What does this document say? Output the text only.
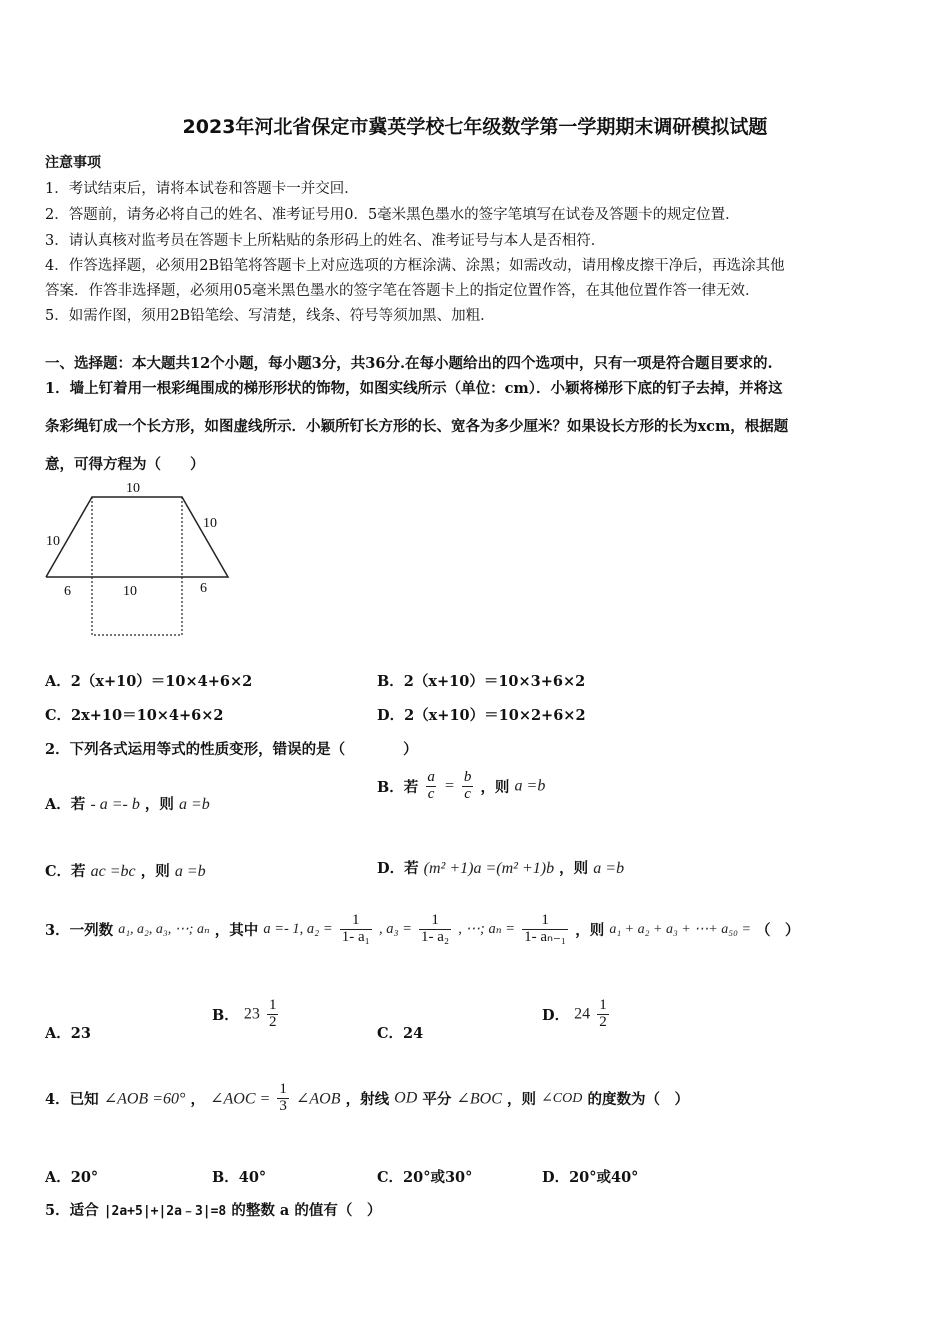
2023年河北省保定市冀英学校七年级数学第一学期期末调研模拟试题
注意事项
1．考试结束后，请将本试卷和答题卡一并交回．
2．答题前，请务必将自己的姓名、准考证号用0．5毫米黑色墨水的签字笔填写在试卷及答题卡的规定位置．
3．请认真核对监考员在答题卡上所粘贴的条形码上的姓名、准考证号与本人是否相符．
4．作答选择题，必须用2B铅笔将答题卡上对应选项的方框涂满、涂黑；如需改动，请用橡皮擦干净后，再选涂其他
答案．作答非选择题，必须用05毫米黑色墨水的签字笔在答题卡上的指定位置作答，在其他位置作答一律无效．
5．如需作图，须用2B铅笔绘、写清楚，线条、符号等须加黑、加粗．
一、选择题：本大题共12个小题，每小题3分，共36分.在每小题给出的四个选项中，只有一项是符合题目要求的.
1．墙上钉着用一根彩绳围成的梯形形状的饰物，如图实线所示（单位：cm）．小颖将梯形下底的钉子去掉，并将这
条彩绳钉成一个长方形，如图虚线所示．小颖所钉长方形的长、宽各为多少厘米？如果设长方形的长为xcm，根据题
意，可得方程为（　　）
10
10
10
6	10	6
A．2（x+10）＝10×4+6×2	B．2（x+10）＝10×3+6×2
C．2x+10＝10×4+6×2	D．2（x+10）＝10×2+6×2
2．下列各式运用等式的性质变形，错误的是（　　　　）
A．若 - a =- b ，则 a =b
B．若 $\frac{a}{c} = \frac{b}{c}$ ，则 a =b
C．若 ac =bc ，则 a =b	D．若 (m² +1)a =(m² +1)b ，则 a =b
3．一列数 a₁, a₂, a₃, ⋯; aₙ ，其中 a =- 1, $a_2 = \frac{1}{\text{1- a₁}}$ , $a_3 = \frac{1}{\text{1- a₂}}$ , ⋯; $a_n = \frac{1}{\text{1- aₙ₋₁}}$ ，则 a₁ + a₂ + a₃ + ⋯+ a₅₀ = （　）
A．23
B． $23 \frac{1}{2}$
C．24
D． $24 \frac{1}{2}$
4．已知 ∠AOB =60° ， ∠AOC = $\frac{1}{3}$ ∠AOB ，射线 OD 平分 ∠BOC ，则 ∠COD 的度数为（　）
A．20°	B．40°	C．20°或30°	D．20°或40°
5．适合 |2a+5|+|2a﹣3|=8 的整数 a 的值有（　）
